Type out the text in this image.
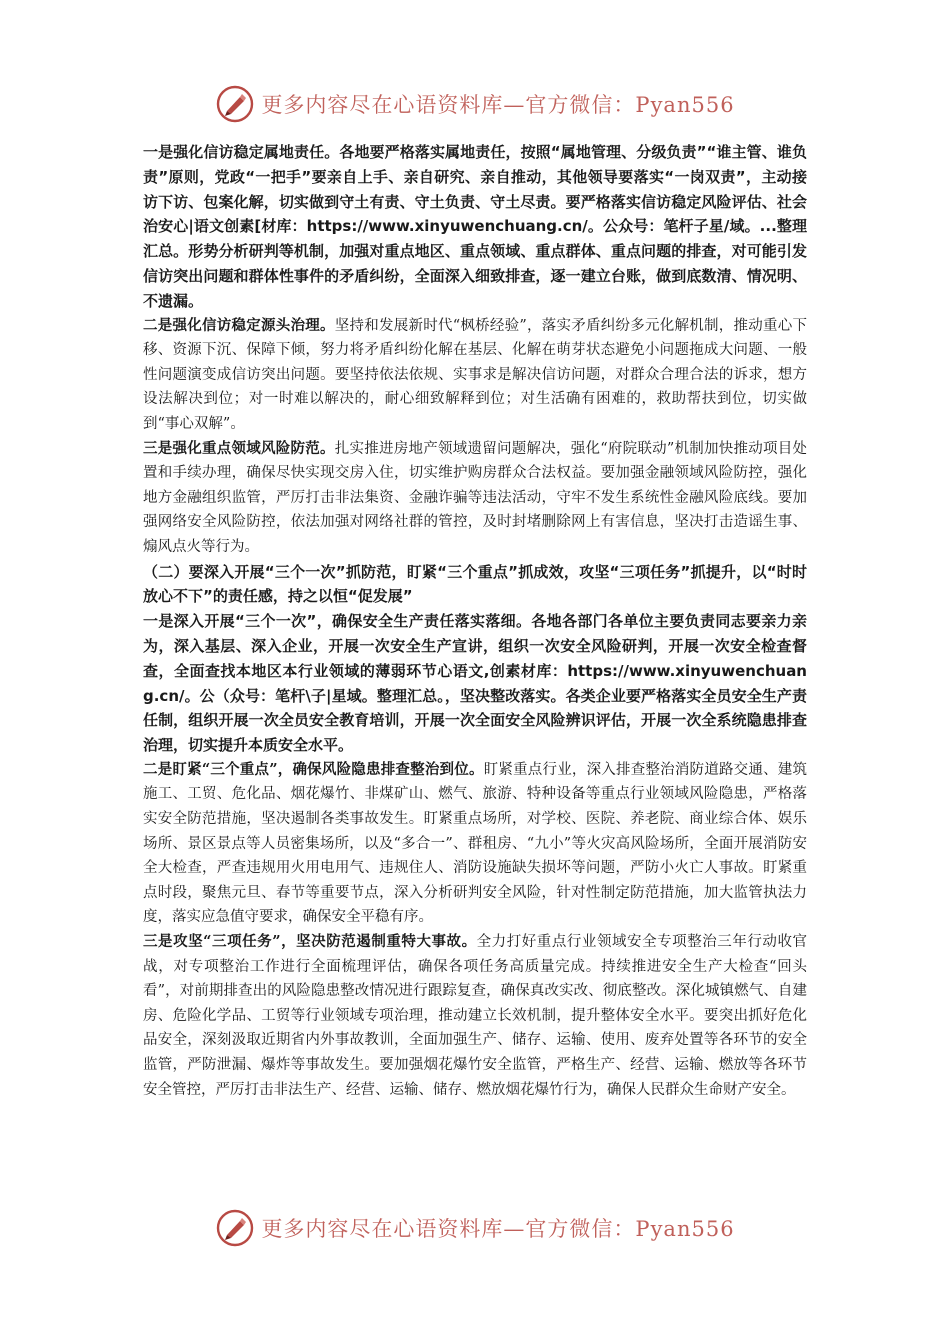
更多内容尽在心语资料库—官方微信：Pyan556

一是强化信访稳定属地责任。各地要严格落实属地责任，按照“属地管理、分级负责”“谁主管、谁负责”原则，党政“一把手”要亲自上手、亲自研究、亲自推动，其他领导要落实“一岗双责”，主动接访下访、包案化解，切实做到守土有责、守土负责、守土尽责。要严格落实信访稳定风险评估、社会治安心|语文创素[材库：https://www.xinyuwenchuang.cn/。公众号：笔杆子星/域。...整理汇总。形势分析研判等机制，加强对重点地区、重点领域、重点群体、重点问题的排查，对可能引发信访突出问题和群体性事件的矛盾纠纷，全面深入细致排查，逐一建立台账，做到底数清、情况明、不遗漏。

二是强化信访稳定源头治理。坚持和发展新时代“枫桥经验”，落实矛盾纠纷多元化解机制，推动重心下移、资源下沉、保障下倾，努力将矛盾纠纷化解在基层、化解在萌芽状态避免小问题拖成大问题、一般性问题演变成信访突出问题。要坚持依法依规、实事求是解决信访问题，对群众合理合法的诉求，想方设法解决到位；对一时难以解决的，耐心细致解释到位；对生活确有困难的，救助帮扶到位，切实做到“事心双解”。

三是强化重点领域风险防范。扎实推进房地产领域遗留问题解决，强化“府院联动”机制加快推动项目处置和手续办理，确保尽快实现交房入住，切实维护购房群众合法权益。要加强金融领域风险防控，强化地方金融组织监管，严厉打击非法集资、金融诈骗等违法活动，守牢不发生系统性金融风险底线。要加强网络安全风险防控，依法加强对网络社群的管控，及时封堵删除网上有害信息，坚决打击造谣生事、煽风点火等行为。

（二）要深入开展“三个一次”抓防范，盯紧“三个重点”抓成效，攻坚“三项任务”抓提升，以“时时放心不下”的责任感，持之以恒“促发展”

一是深入开展“三个一次”，确保安全生产责任落实落细。各地各部门各单位主要负责同志要亲力亲为，深入基层、深入企业，开展一次安全生产宣讲，组织一次安全风险研判，开展一次安全检查督查，全面查找本地区本行业领域的薄弱环节心语文,创素材库：https://www.xinyuwenchuang.cn/。公（众号：笔杆\子|星域。整理汇总。，坚决整改落实。各类企业要严格落实全员安全生产责任制，组织开展一次全员安全教育培训，开展一次全面安全风险辨识评估，开展一次全系统隐患排查治理，切实提升本质安全水平。

二是盯紧“三个重点”，确保风险隐患排查整治到位。盯紧重点行业，深入排查整治消防道路交通、建筑施工、工贸、危化品、烟花爆竹、非煤矿山、燃气、旅游、特种设备等重点行业领域风险隐患，严格落实安全防范措施，坚决遏制各类事故发生。盯紧重点场所，对学校、医院、养老院、商业综合体、娱乐场所、景区景点等人员密集场所，以及“多合一”、群租房、“九小”等火灾高风险场所，全面开展消防安全大检查，严查违规用火用电用气、违规住人、消防设施缺失损坏等问题，严防小火亡人事故。盯紧重点时段，聚焦元旦、春节等重要节点，深入分析研判安全风险，针对性制定防范措施，加大监管执法力度，落实应急值守要求，确保安全平稳有序。

三是攻坚“三项任务”，坚决防范遏制重特大事故。全力打好重点行业领域安全专项整治三年行动收官战，对专项整治工作进行全面梳理评估，确保各项任务高质量完成。持续推进安全生产大检查“回头看”，对前期排查出的风险隐患整改情况进行跟踪复查，确保真改实改、彻底整改。深化城镇燃气、自建房、危险化学品、工贸等行业领域专项治理，推动建立长效机制，提升整体安全水平。要突出抓好危化品安全，深刻汲取近期省内外事故教训，全面加强生产、储存、运输、使用、废弃处置等各环节的安全监管，严防泄漏、爆炸等事故发生。要加强烟花爆竹安全监管，严格生产、经营、运输、燃放等各环节安全管控，严厉打击非法生产、经营、运输、储存、燃放烟花爆竹行为，确保人民群众生命财产安全。

更多内容尽在心语资料库—官方微信：Pyan556
